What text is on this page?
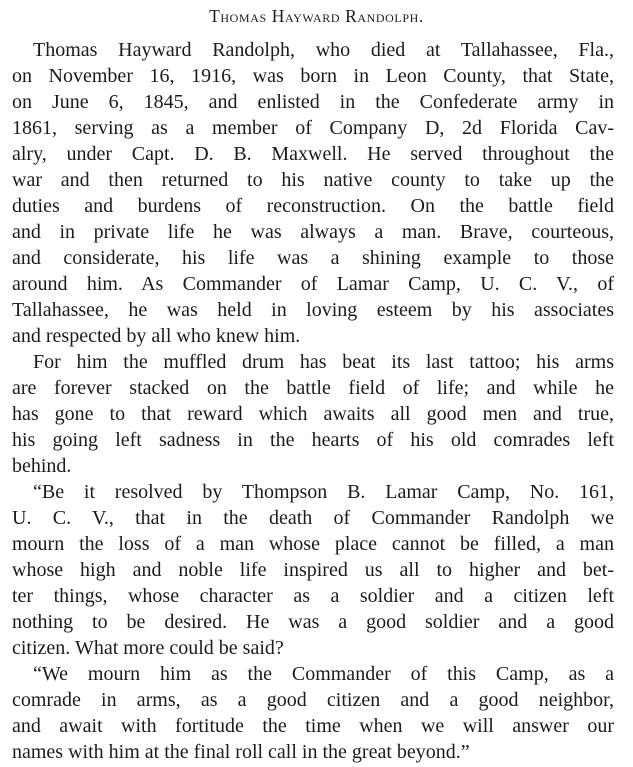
Thomas Hayward Randolph.
Thomas Hayward Randolph, who died at Tallahassee, Fla.,
on November 16, 1916, was born in Leon County, that State,
on June 6, 1845, and enlisted in the Confederate army in
1861, serving as a member of Company D, 2d Florida Cav-
alry, under Capt. D. B. Maxwell. He served throughout the
war and then returned to his native county to take up the
duties and burdens of reconstruction. On the battle field
and in private life he was always a man. Brave, courteous,
and considerate, his life was a shining example to those
around him. As Commander of Lamar Camp, U. C. V., of
Tallahassee, he was held in loving esteem by his associates
and respected by all who knew him.
For him the muffled drum has beat its last tattoo; his arms
are forever stacked on the battle field of life; and while he
has gone to that reward which awaits all good men and true,
his going left sadness in the hearts of his old comrades left
behind.
“Be it resolved by Thompson B. Lamar Camp, No. 161,
U. C. V., that in the death of Commander Randolph we
mourn the loss of a man whose place cannot be filled, a man
whose high and noble life inspired us all to higher and bet-
ter things, whose character as a soldier and a citizen left
nothing to be desired. He was a good soldier and a good
citizen. What more could be said?
“We mourn him as the Commander of this Camp, as a
comrade in arms, as a good citizen and a good neighbor,
and await with fortitude the time when we will answer our
names with him at the final roll call in the great beyond.”
